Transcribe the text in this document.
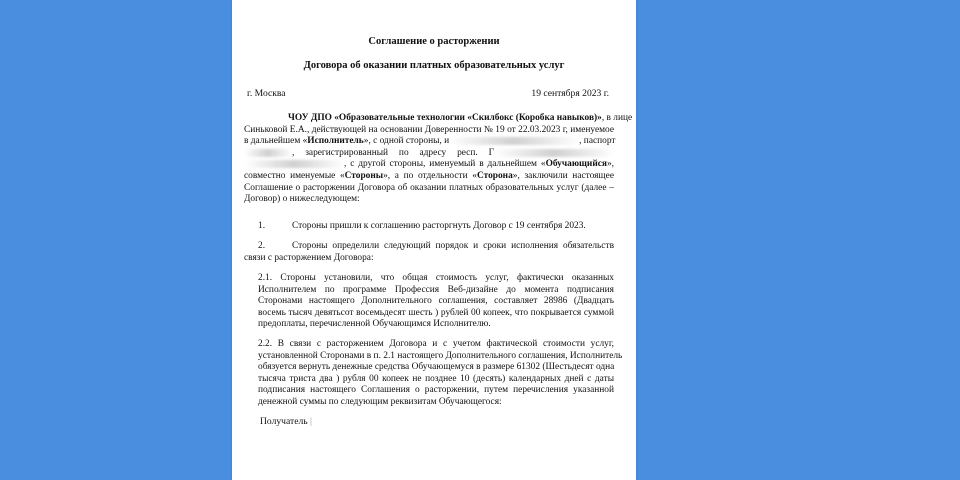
Соглашение о расторжении
Договора об оказании платных образовательных услуг
г. Москва	19 сентября 2023 г.
ЧОУ ДПО «Образовательные технологии «Скилбокс (Коробка навыков)», в лице
Синьковой Е.А., действующей на основании Доверенности № 19 от 22.03.2023 г, именуемое
в дальнейшем «Исполнитель», с одной стороны, и	, паспорт
, зарегистрированный по адресу респ. Г
, с другой стороны, именуемый в дальнейшем «Обучающийся»,
совместно именуемые «Стороны», а по отдельности «Сторона», заключили настоящее
Соглашение о расторжении Договора об оказании платных образовательных услуг (далее –
Договор) о нижеследующем:
1.	Стороны пришли к соглашению расторгнуть Договор с 19 сентября 2023.
2.	Стороны определили следующий порядок и сроки исполнения обязательств
связи с расторжением Договора:
2.1. Стороны установили, что общая стоимость услуг, фактически оказанных
Исполнителем по программе Профессия Веб-дизайне до момента подписания
Сторонами настоящего Дополнительного соглашения, составляет 28986 (Двадцать
восемь тысяч девятьсот восемьдесят шесть ) рублей 00 копеек, что покрывается суммой
предоплаты, перечисленной Обучающимся Исполнителю.
2.2. В связи с расторжением Договора и с учетом фактической стоимости услуг,
установленной Сторонами в п. 2.1 настоящего Дополнительного соглашения, Исполнитель
обязуется вернуть денежные средства Обучающемуся в размере 61302 (Шестьдесят одна
тысяча триста два ) рубля 00 копеек не позднее 10 (десять) календарных дней с даты
подписания настоящего Соглашения о расторжении, путем перечисления указанной
денежной суммы по следующим реквизитам Обучающегося:
Получатель |
